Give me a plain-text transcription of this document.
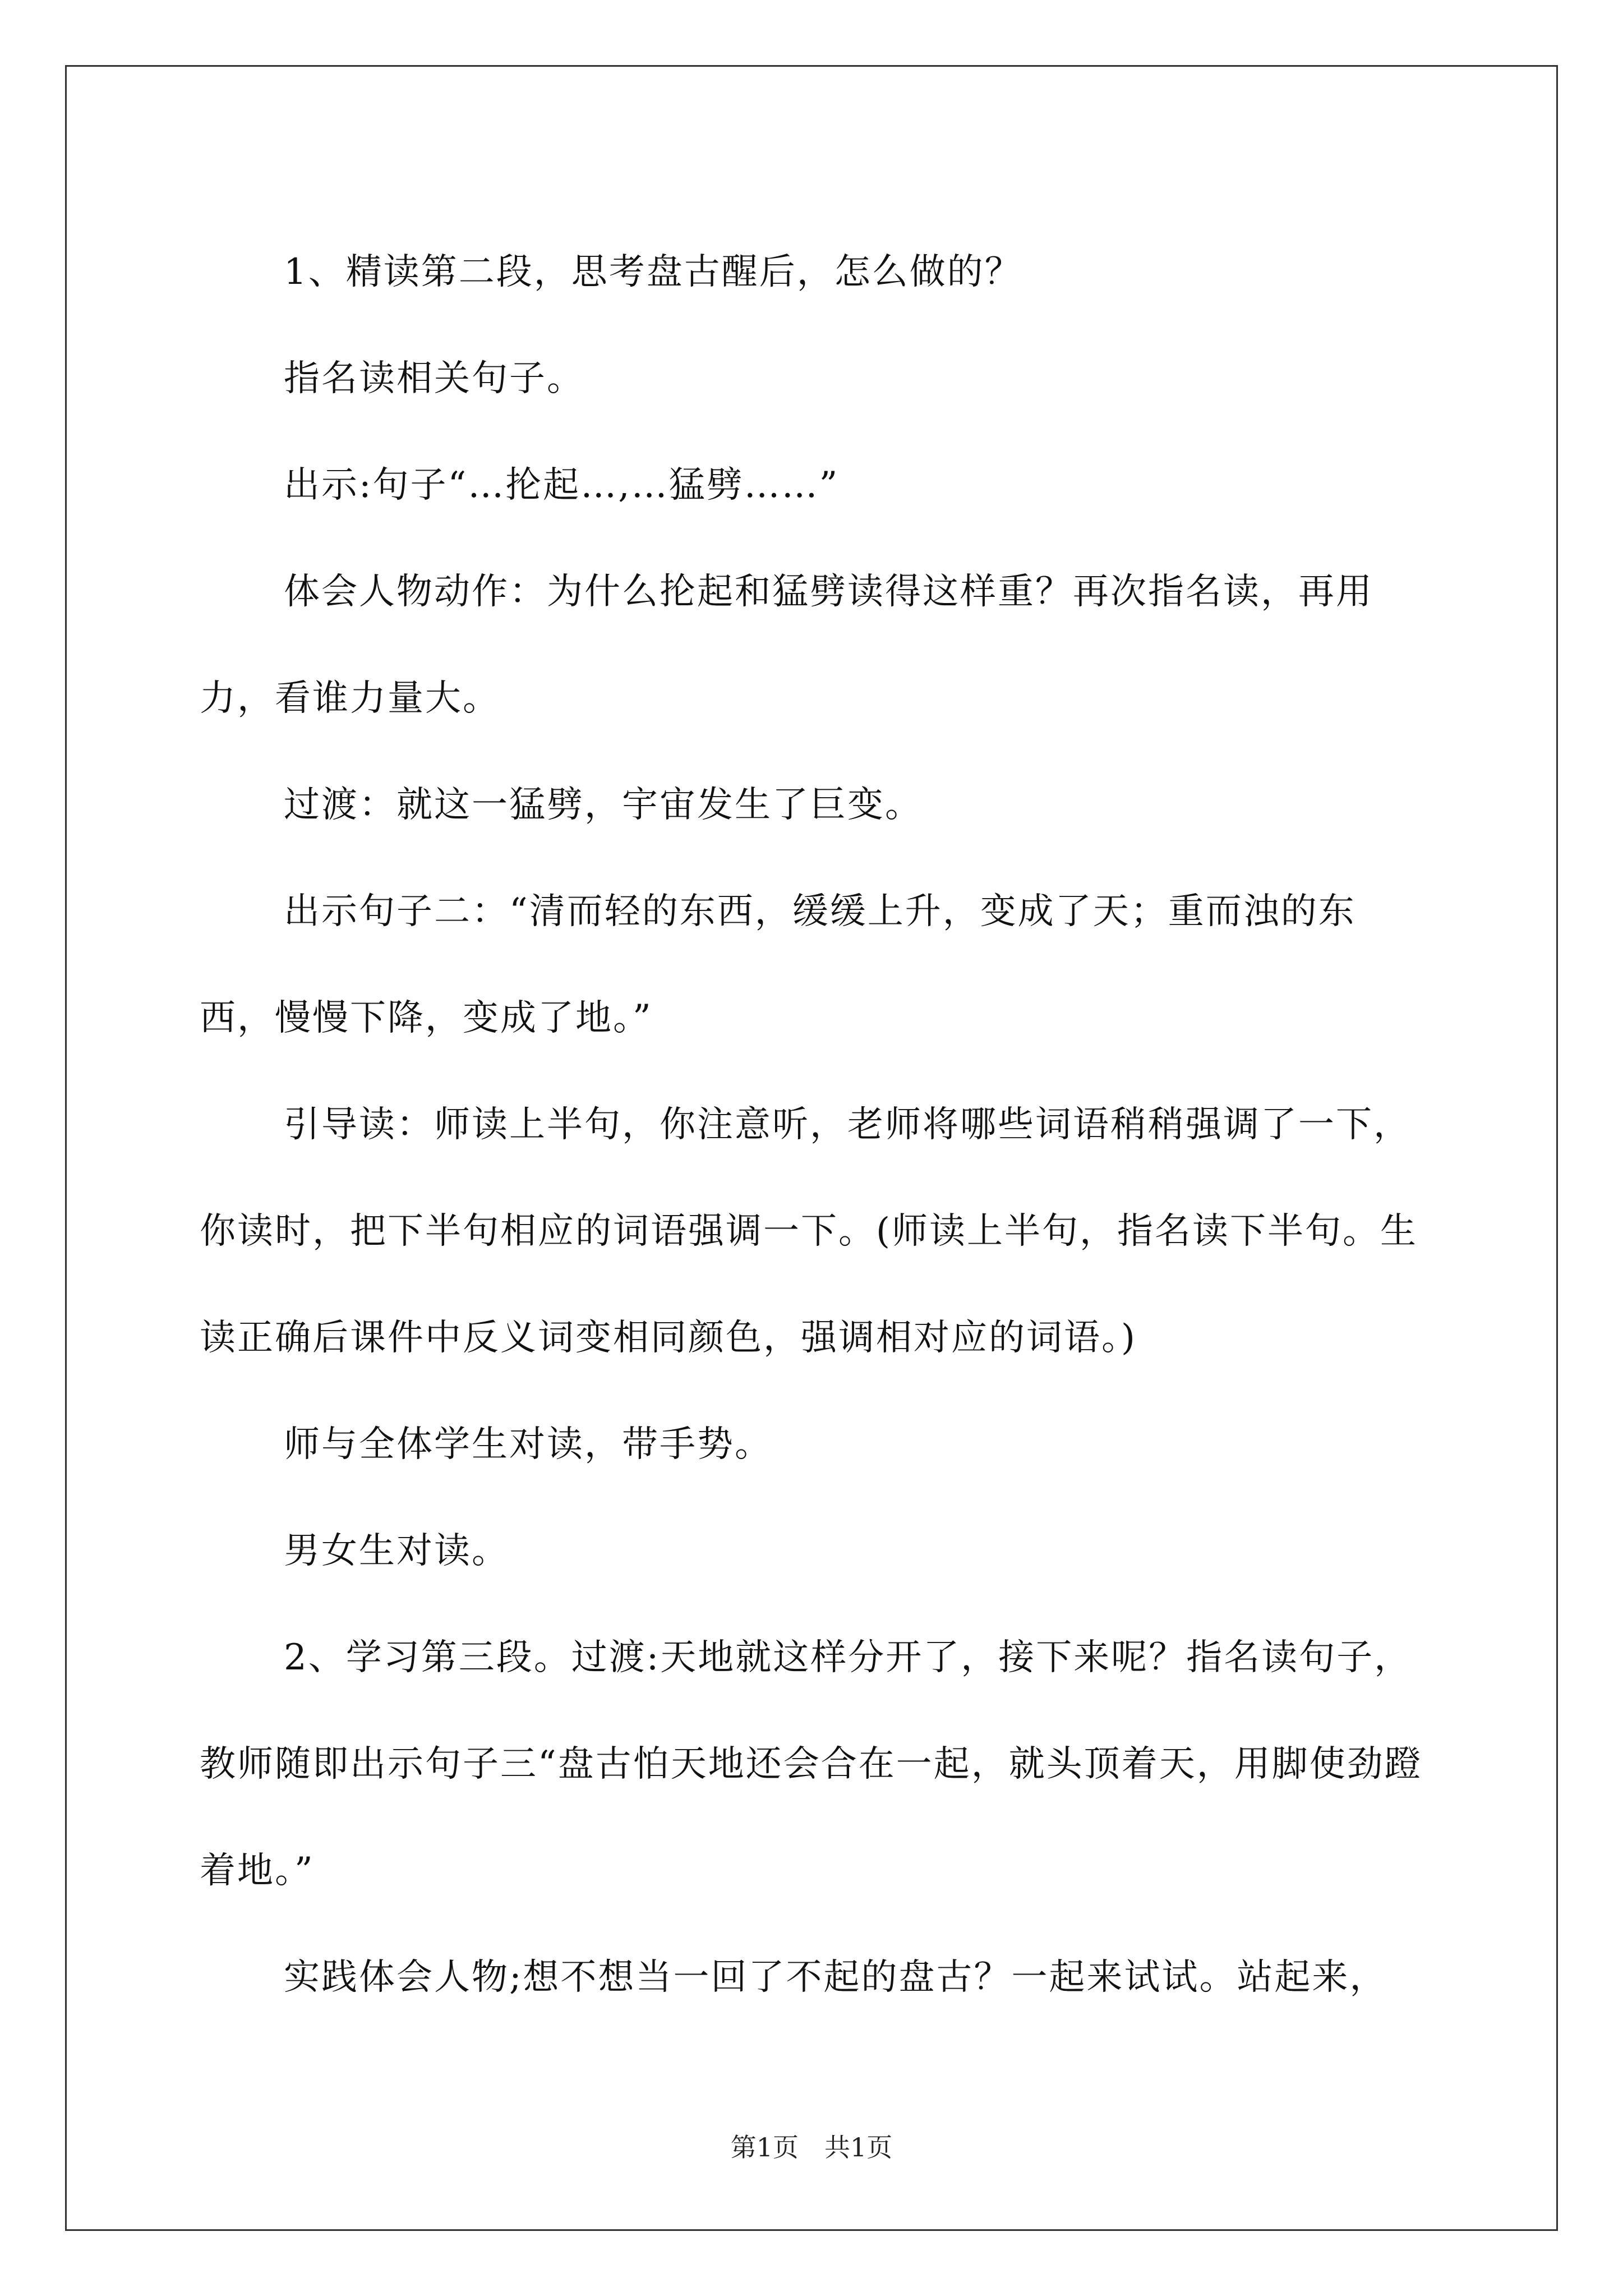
1、精读第二段，思考盘古醒后，怎么做的？

指名读相关句子。

出示:句子“…抡起…,…猛劈……”

体会人物动作：为什么抡起和猛劈读得这样重？再次指名读，再用力，看谁力量大。

过渡：就这一猛劈，宇宙发生了巨变。

出示句子二：“清而轻的东西，缓缓上升，变成了天；重而浊的东西，慢慢下降，变成了地。”

引导读：师读上半句，你注意听，老师将哪些词语稍稍强调了一下，你读时，把下半句相应的词语强调一下。(师读上半句，指名读下半句。生读正确后课件中反义词变相同颜色，强调相对应的词语。)

师与全体学生对读，带手势。

男女生对读。

2、学习第三段。过渡:天地就这样分开了，接下来呢？指名读句子，教师随即出示句子三“盘古怕天地还会合在一起，就头顶着天，用脚使劲蹬着地。”

实践体会人物;想不想当一回了不起的盘古？一起来试试。站起来，

第1页 共1页
